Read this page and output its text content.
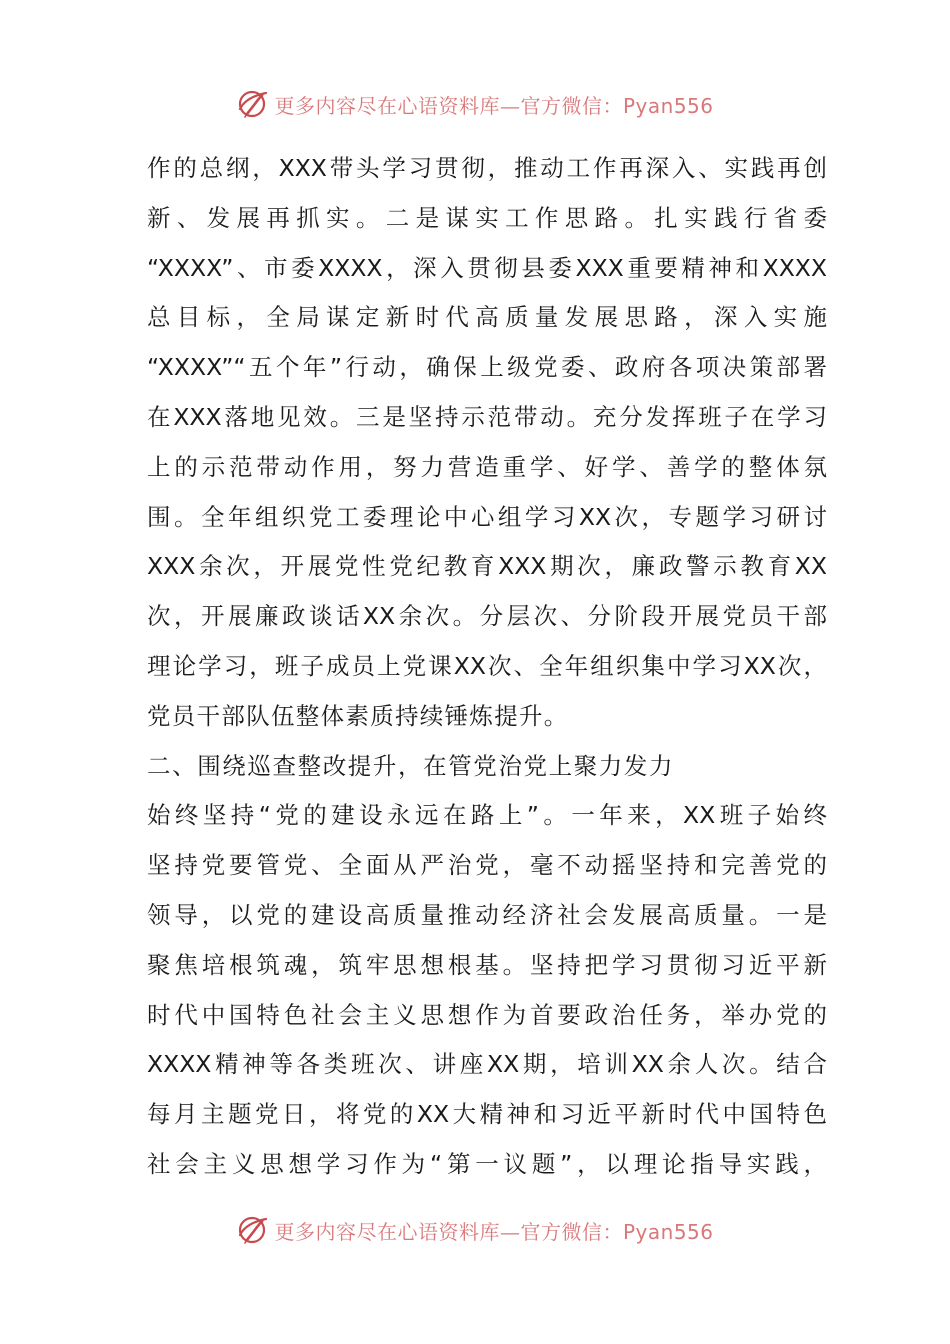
更多内容尽在心语资料库—官方微信：Pyan556
作的总纲，XXX带头学习贯彻，推动工作再深入、实践再创
新、发展再抓实。二是谋实工作思路。扎实践行省委
“XXXX”、市委XXXX，深入贯彻县委XXX重要精神和XXXX
总目标，全局谋定新时代高质量发展思路，深入实施
“XXXX”“五个年”行动，确保上级党委、政府各项决策部署
在XXX落地见效。三是坚持示范带动。充分发挥班子在学习
上的示范带动作用，努力营造重学、好学、善学的整体氛
围。全年组织党工委理论中心组学习XX次，专题学习研讨
XXX余次，开展党性党纪教育XXX期次，廉政警示教育XX
次，开展廉政谈话XX余次。分层次、分阶段开展党员干部
理论学习，班子成员上党课XX次、全年组织集中学习XX次，
党员干部队伍整体素质持续锤炼提升。
二、围绕巡查整改提升，在管党治党上聚力发力
始终坚持“党的建设永远在路上”。一年来，XX班子始终
坚持党要管党、全面从严治党，毫不动摇坚持和完善党的
领导，以党的建设高质量推动经济社会发展高质量。一是
聚焦培根筑魂，筑牢思想根基。坚持把学习贯彻习近平新
时代中国特色社会主义思想作为首要政治任务，举办党的
XXXX精神等各类班次、讲座XX期，培训XX余人次。结合
每月主题党日，将党的XX大精神和习近平新时代中国特色
社会主义思想学习作为“第一议题”，以理论指导实践，
更多内容尽在心语资料库—官方微信：Pyan556
